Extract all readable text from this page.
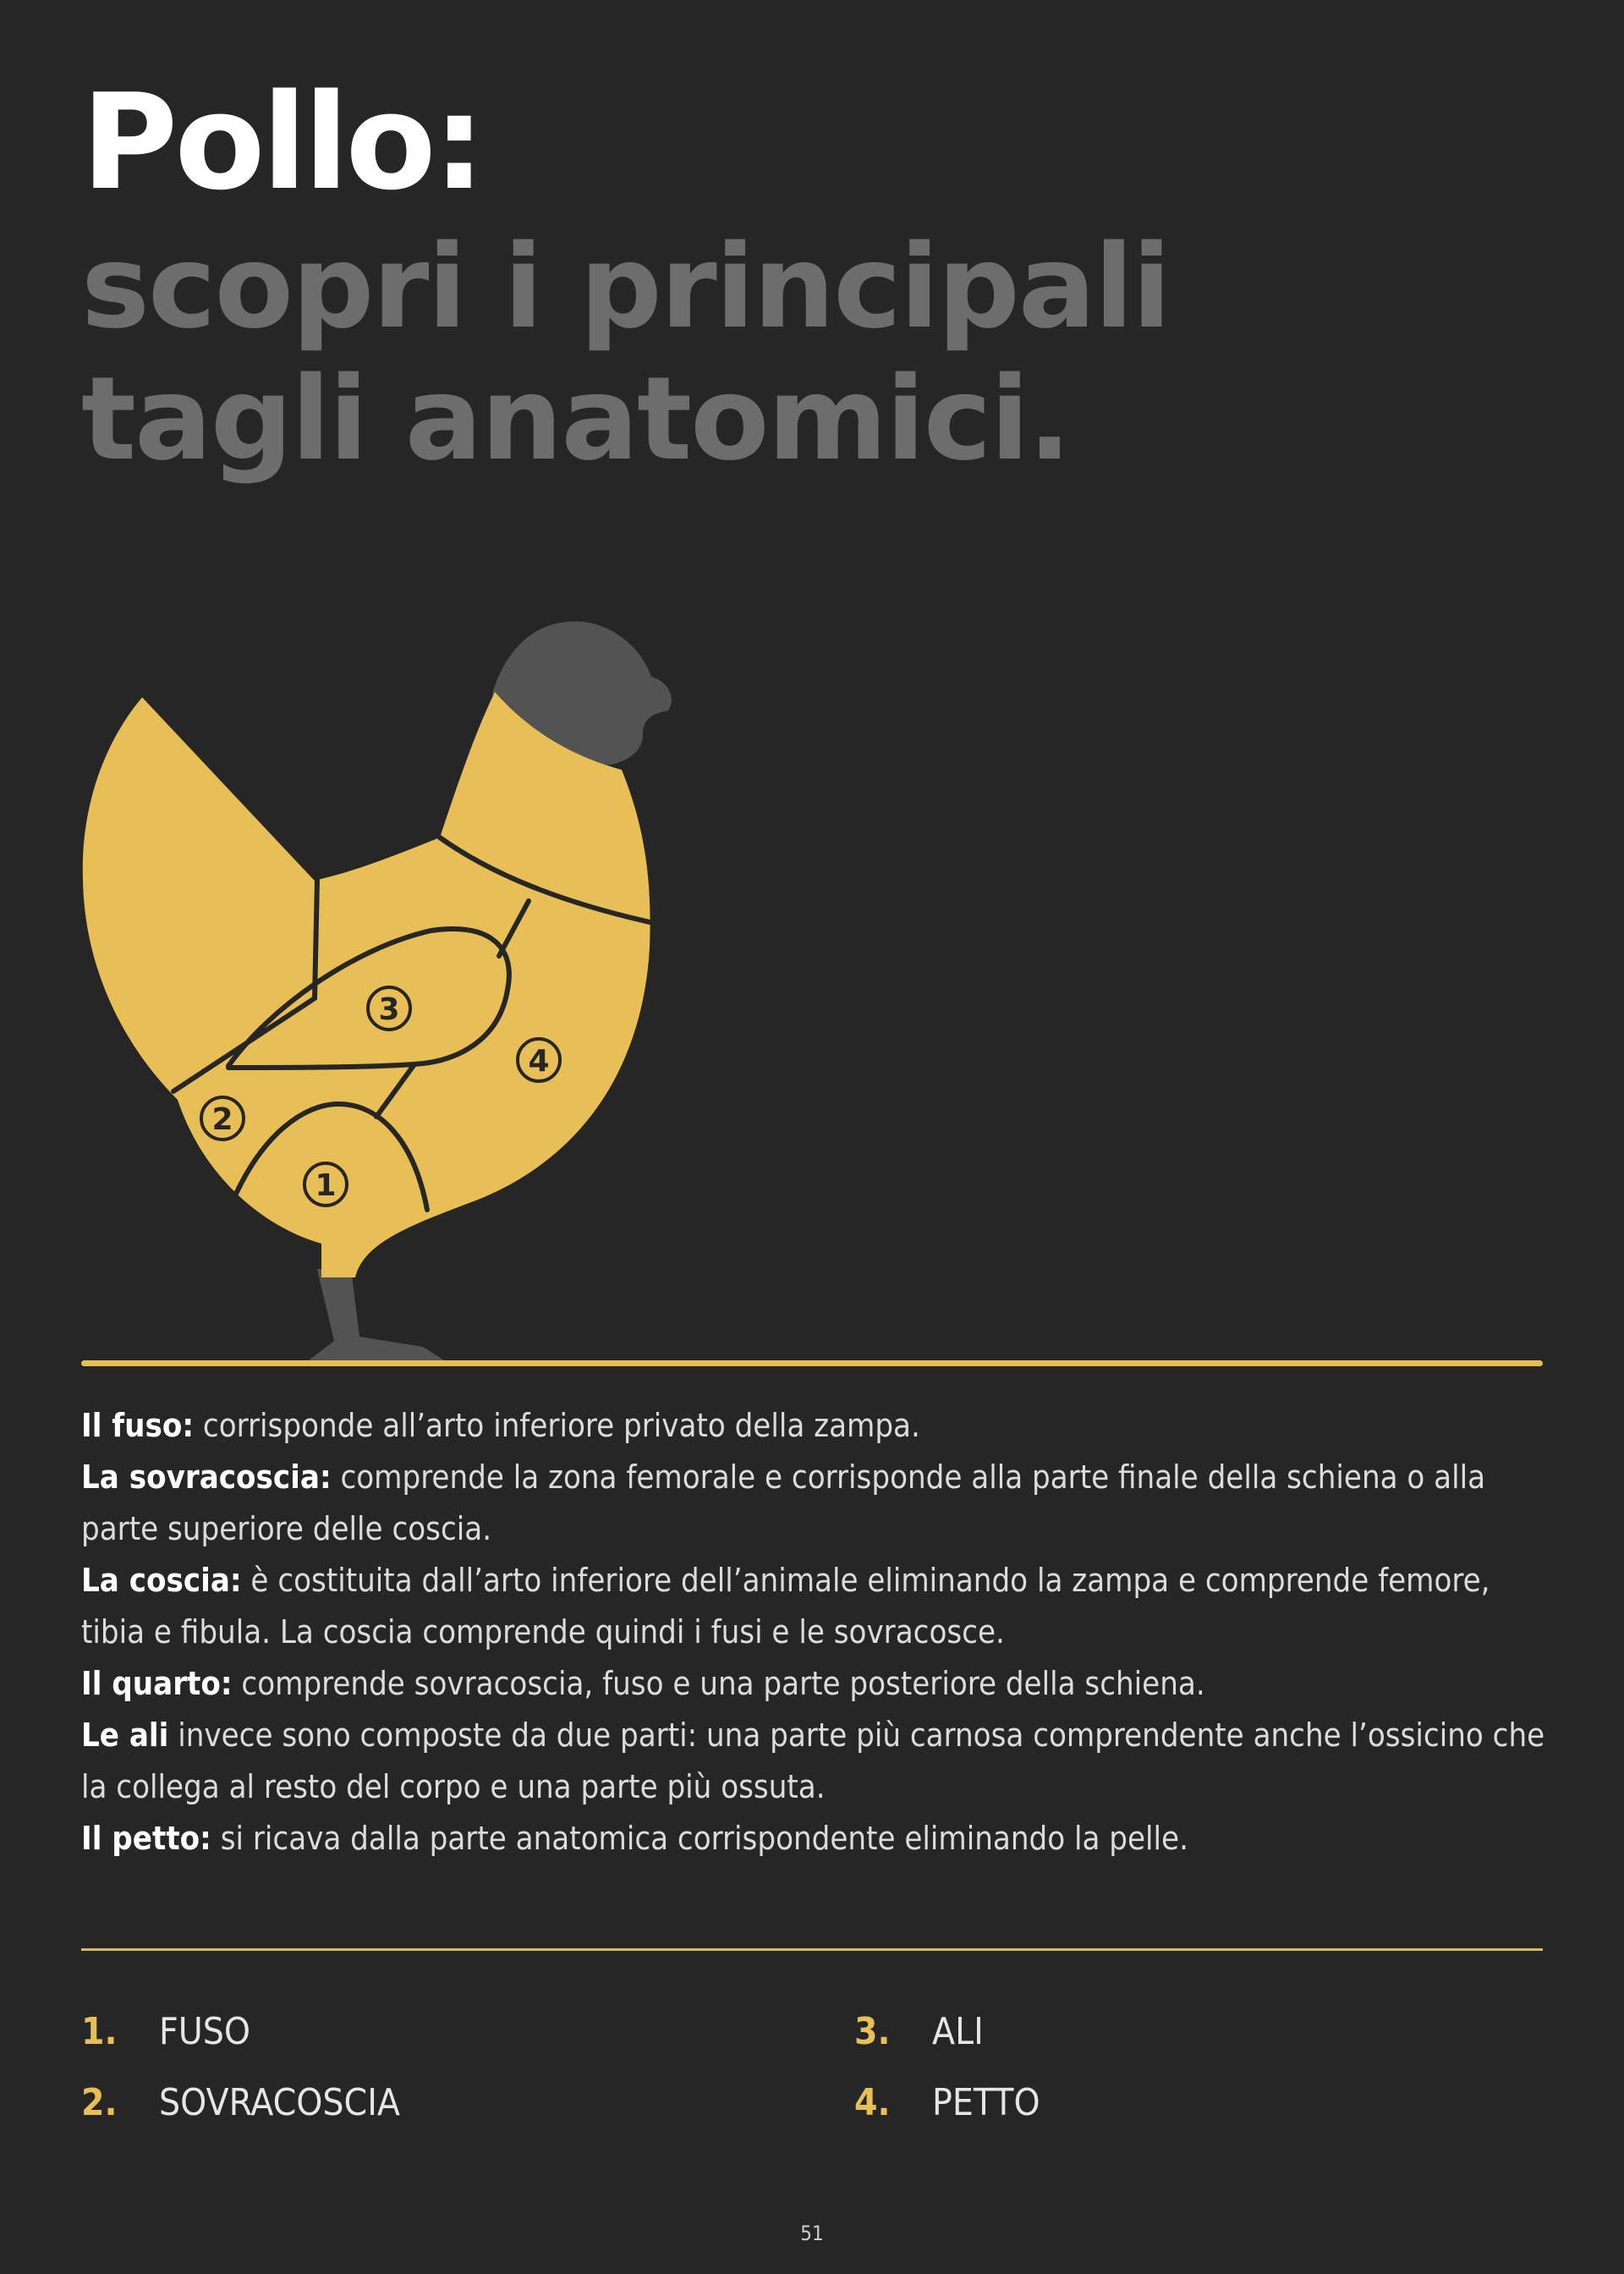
Pollo:
scopri i principali
tagli anatomici.
3
4
2
1

Il fuso: corrisponde all’arto inferiore privato della zampa.

La sovracoscia: comprende la zona femorale e corrisponde alla parte finale della schiena o alla parte superiore delle coscia.

La coscia: è costituita dall’arto inferiore dell’animale eliminando la zampa e comprende femore, tibia e fibula. La coscia comprende quindi i fusi e le sovracosce.

Il quarto: comprende sovracoscia, fuso e una parte posteriore della schiena.

Le ali invece sono composte da due parti: una parte più carnosa comprendente anche l’ossicino che la collega al resto del corpo e una parte più ossuta.

Il petto: si ricava dalla parte anatomica corrispondente eliminando la pelle.

1.	FUSO
2.	SOVRACOSCIA
3.	ALI
4.	PETTO
51
